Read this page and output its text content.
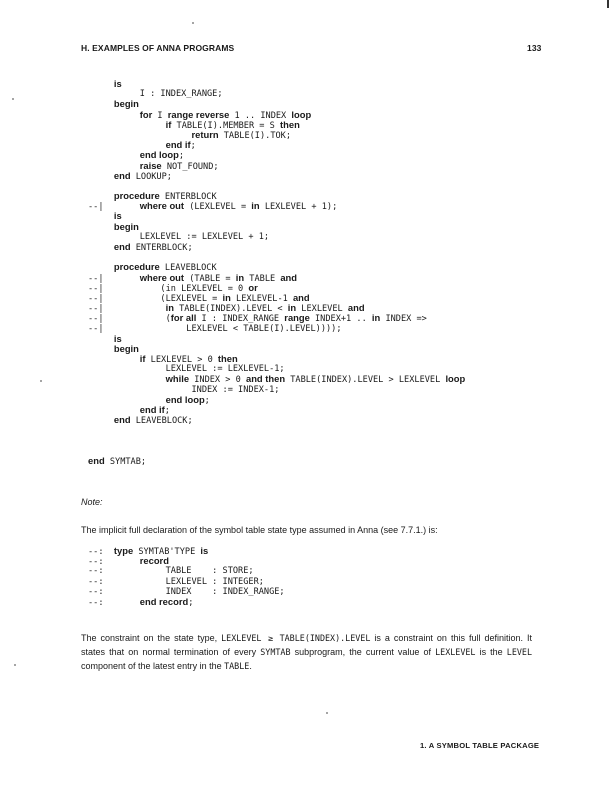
H. EXAMPLES OF ANNA PROGRAMS	133
is
I : INDEX_RANGE;
begin
for I range reverse 1 .. INDEX loop
if TABLE(I).MEMBER = S then
return TABLE(I).TOK;
end if;
end loop;
raise NOT_FOUND;
end LOOKUP;
procedure ENTERBLOCK
--|       where out (LEXLEVEL = in LEXLEVEL + 1);
is
begin
LEXLEVEL := LEXLEVEL + 1;
end ENTERBLOCK;
procedure LEAVEBLOCK
--|       where out (TABLE = in TABLE and
--|           (in LEXLEVEL = 0 or
--|           (LEXLEVEL = in LEXLEVEL-1 and
--|            in TABLE(INDEX).LEVEL < in LEXLEVEL and
--|            (for all I : INDEX_RANGE range INDEX+1 .. in INDEX =>
--|                LEXLEVEL < TABLE(I).LEVEL))));
is
begin
if LEXLEVEL > 0 then
LEXLEVEL := LEXLEVEL-1;
while INDEX > 0 and then TABLE(INDEX).LEVEL > LEXLEVEL loop
INDEX := INDEX-1;
end loop;
end if;
end LEAVEBLOCK;
end SYMTAB;
Note:
The implicit full declaration of the symbol table state type assumed in Anna (see 7.7.1.) is:
--:  type SYMTAB'TYPE is
--:       record
--:            TABLE    : STORE;
--:            LEXLEVEL : INTEGER;
--:            INDEX    : INDEX_RANGE;
--:       end record;
The constraint on the state type, LEXLEVEL ≥ TABLE(INDEX).LEVEL is a constraint on this full definition. It states that on normal termination of every SYMTAB subprogram, the current value of LEXLEVEL is the LEVEL component of the latest entry in the TABLE.
1. A SYMBOL TABLE PACKAGE
